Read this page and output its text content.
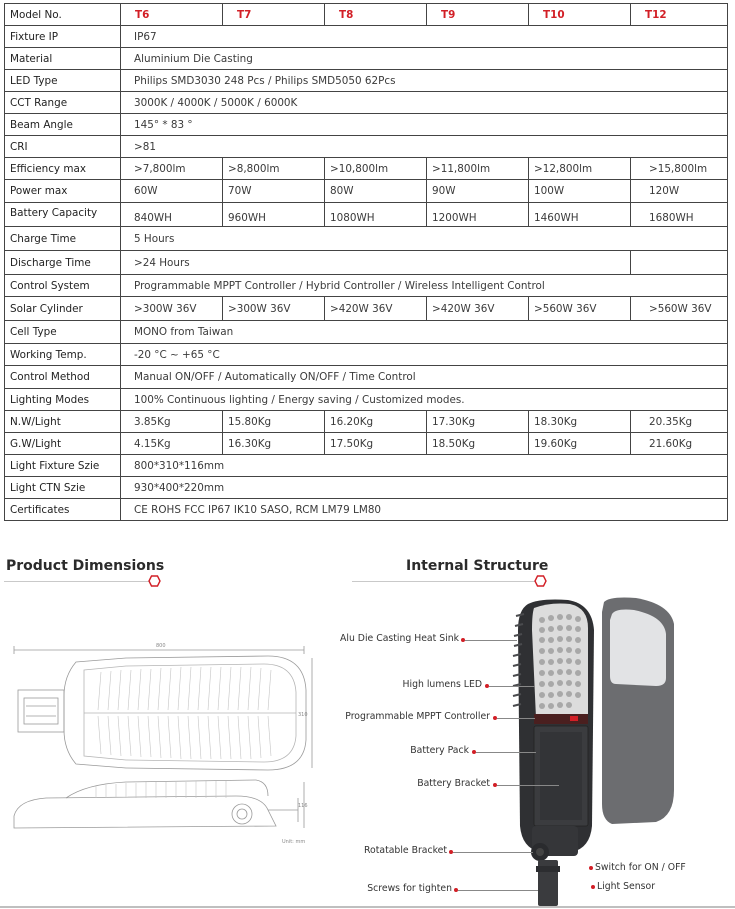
Model No.	T6	T7	T8	T9	T10	T12
Fixture IP	IP67					
Material	Aluminium Die Casting					
LED Type	Philips SMD3030 248 Pcs / Philips SMD5050 62Pcs					
CCT Range	3000K / 4000K / 5000K / 6000K					
Beam Angle	145° * 83 °					
CRI	>81					
Efficiency max	>7,800lm	>8,800lm	>10,800lm	>11,800lm	>12,800lm	>15,800lm
Power max	60W	70W	80W	90W	100W	120W
Battery Capacity	840WH	960WH	1080WH	1200WH	1460WH	1680WH
Charge Time	5 Hours					
Discharge Time	>24 Hours					
Control System	Programmable MPPT Controller / Hybrid Controller / Wireless Intelligent Control					
Solar Cylinder	>300W 36V	>300W 36V	>420W 36V	>420W 36V	>560W 36V	>560W 36V
Cell Type	MONO from Taiwan					
Working Temp.	-20 °C ~ +65 °C					
Control Method	Manual ON/OFF / Automatically ON/OFF / Time Control					
Lighting Modes	100% Continuous lighting / Energy saving / Customized modes.					
N.W/Light	3.85Kg	15.80Kg	16.20Kg	17.30Kg	18.30Kg	20.35Kg
G.W/Light	4.15Kg	16.30Kg	17.50Kg	18.50Kg	19.60Kg	21.60Kg
Light Fixture Szie	800*310*116mm					
Light CTN Szie	930*400*220mm					
Certificates	CE ROHS FCC IP67 IK10 SASO, RCM LM79 LM80					
Product Dimensions	Internal Structure
800
310
116
Unit: mm
Alu Die Casting Heat Sink
High lumens LED
Programmable MPPT Controller
Battery Pack
Battery Bracket
Rotatable Bracket
Screws for tighten
Switch for ON / OFF
Light Sensor
